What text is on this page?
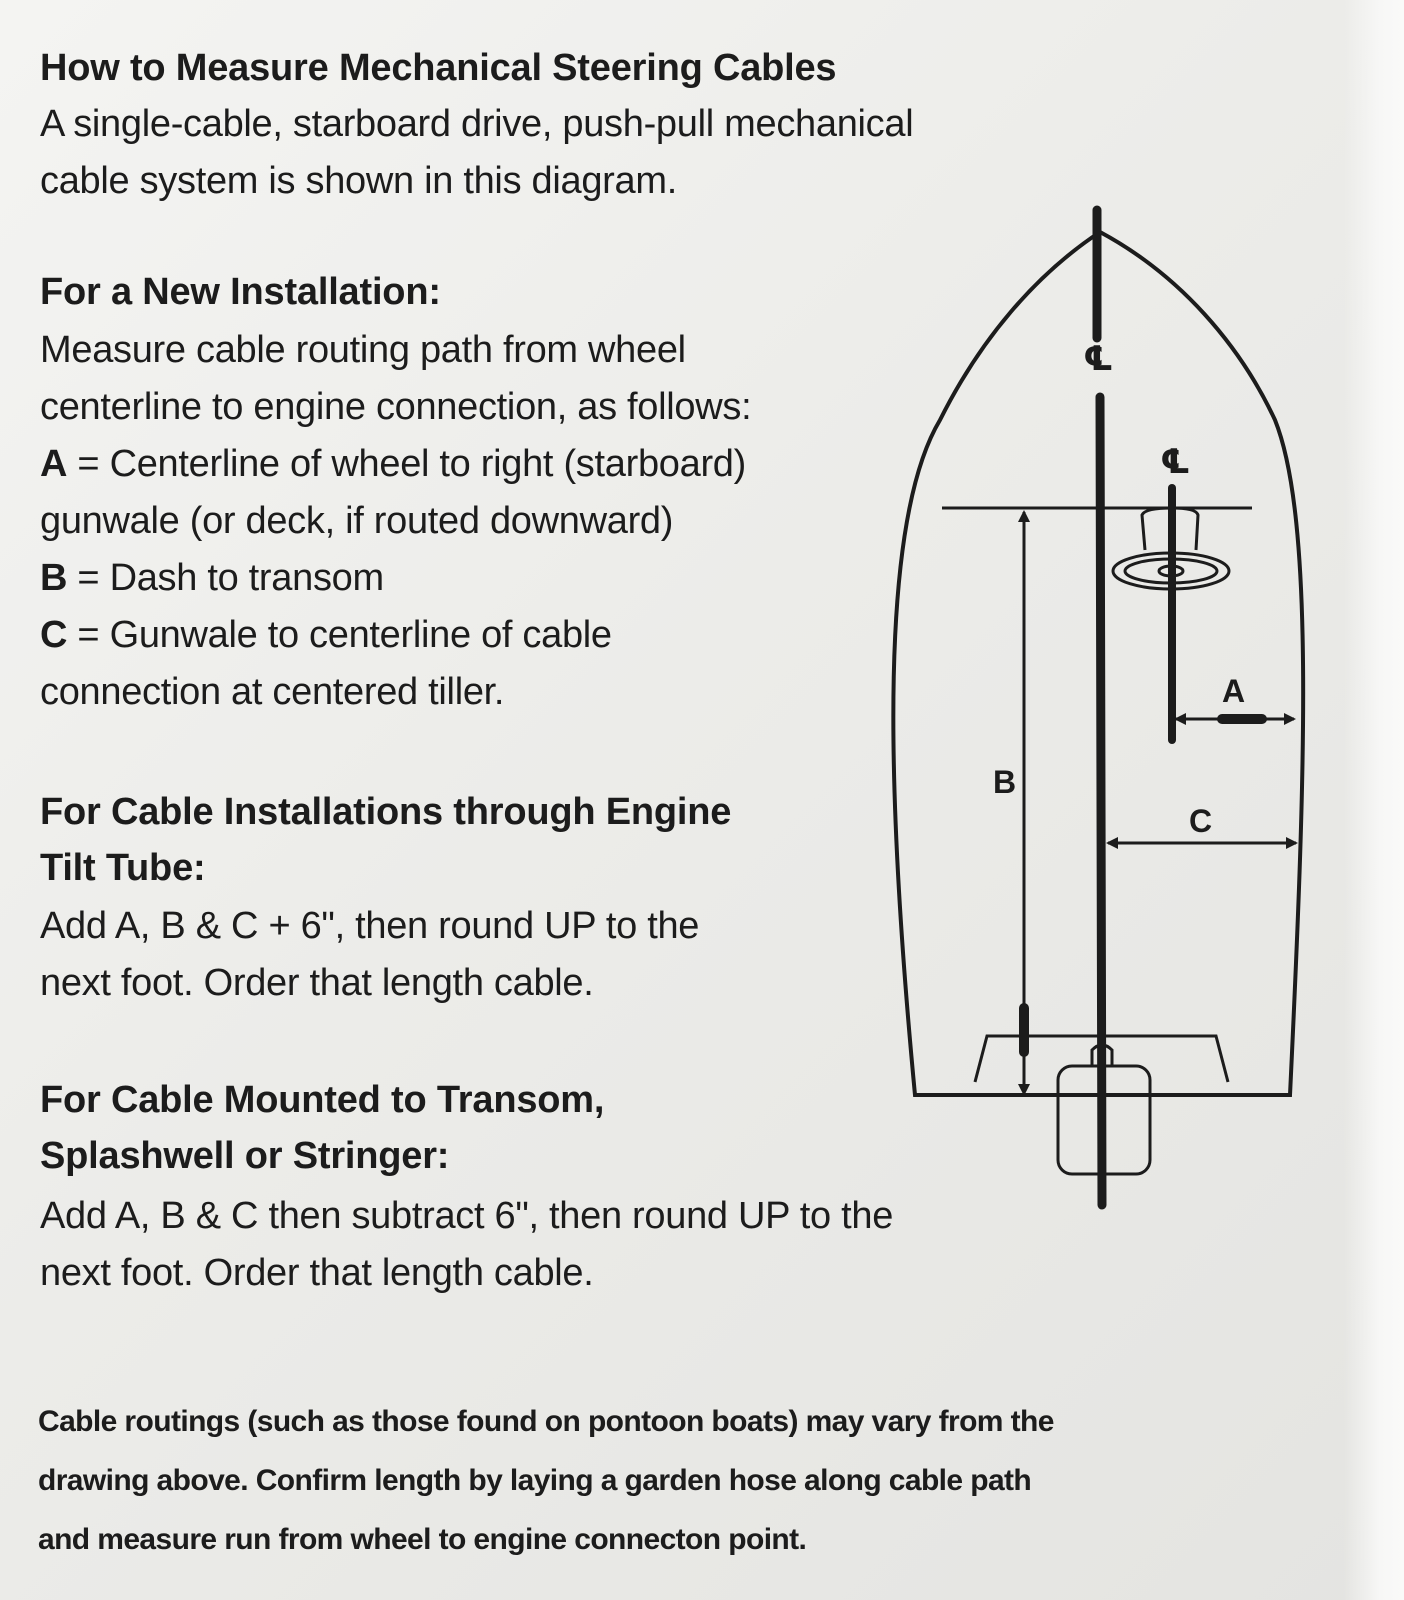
How to Measure Mechanical Steering Cables

A single-cable, starboard drive, push-pull mechanical
cable system is shown in this diagram.

For a New Installation:

Measure cable routing path from wheel
centerline to engine connection, as follows:
A = Centerline of wheel to right (starboard)
gunwale (or deck, if routed downward)
B = Dash to transom
C = Gunwale to centerline of cable
connection at centered tiller.

For Cable Installations through Engine
Tilt Tube:

Add A, B & C + 6", then round UP to the
next foot. Order that length cable.

For Cable Mounted to Transom,
Splashwell or Stringer:

Add A, B & C then subtract 6", then round UP to the
next foot. Order that length cable.

Cable routings (such as those found on pontoon boats) may vary from the
drawing above. Confirm length by laying a garden hose along cable path
and measure run from wheel to engine connecton point.

℄
℄
A
C
B
